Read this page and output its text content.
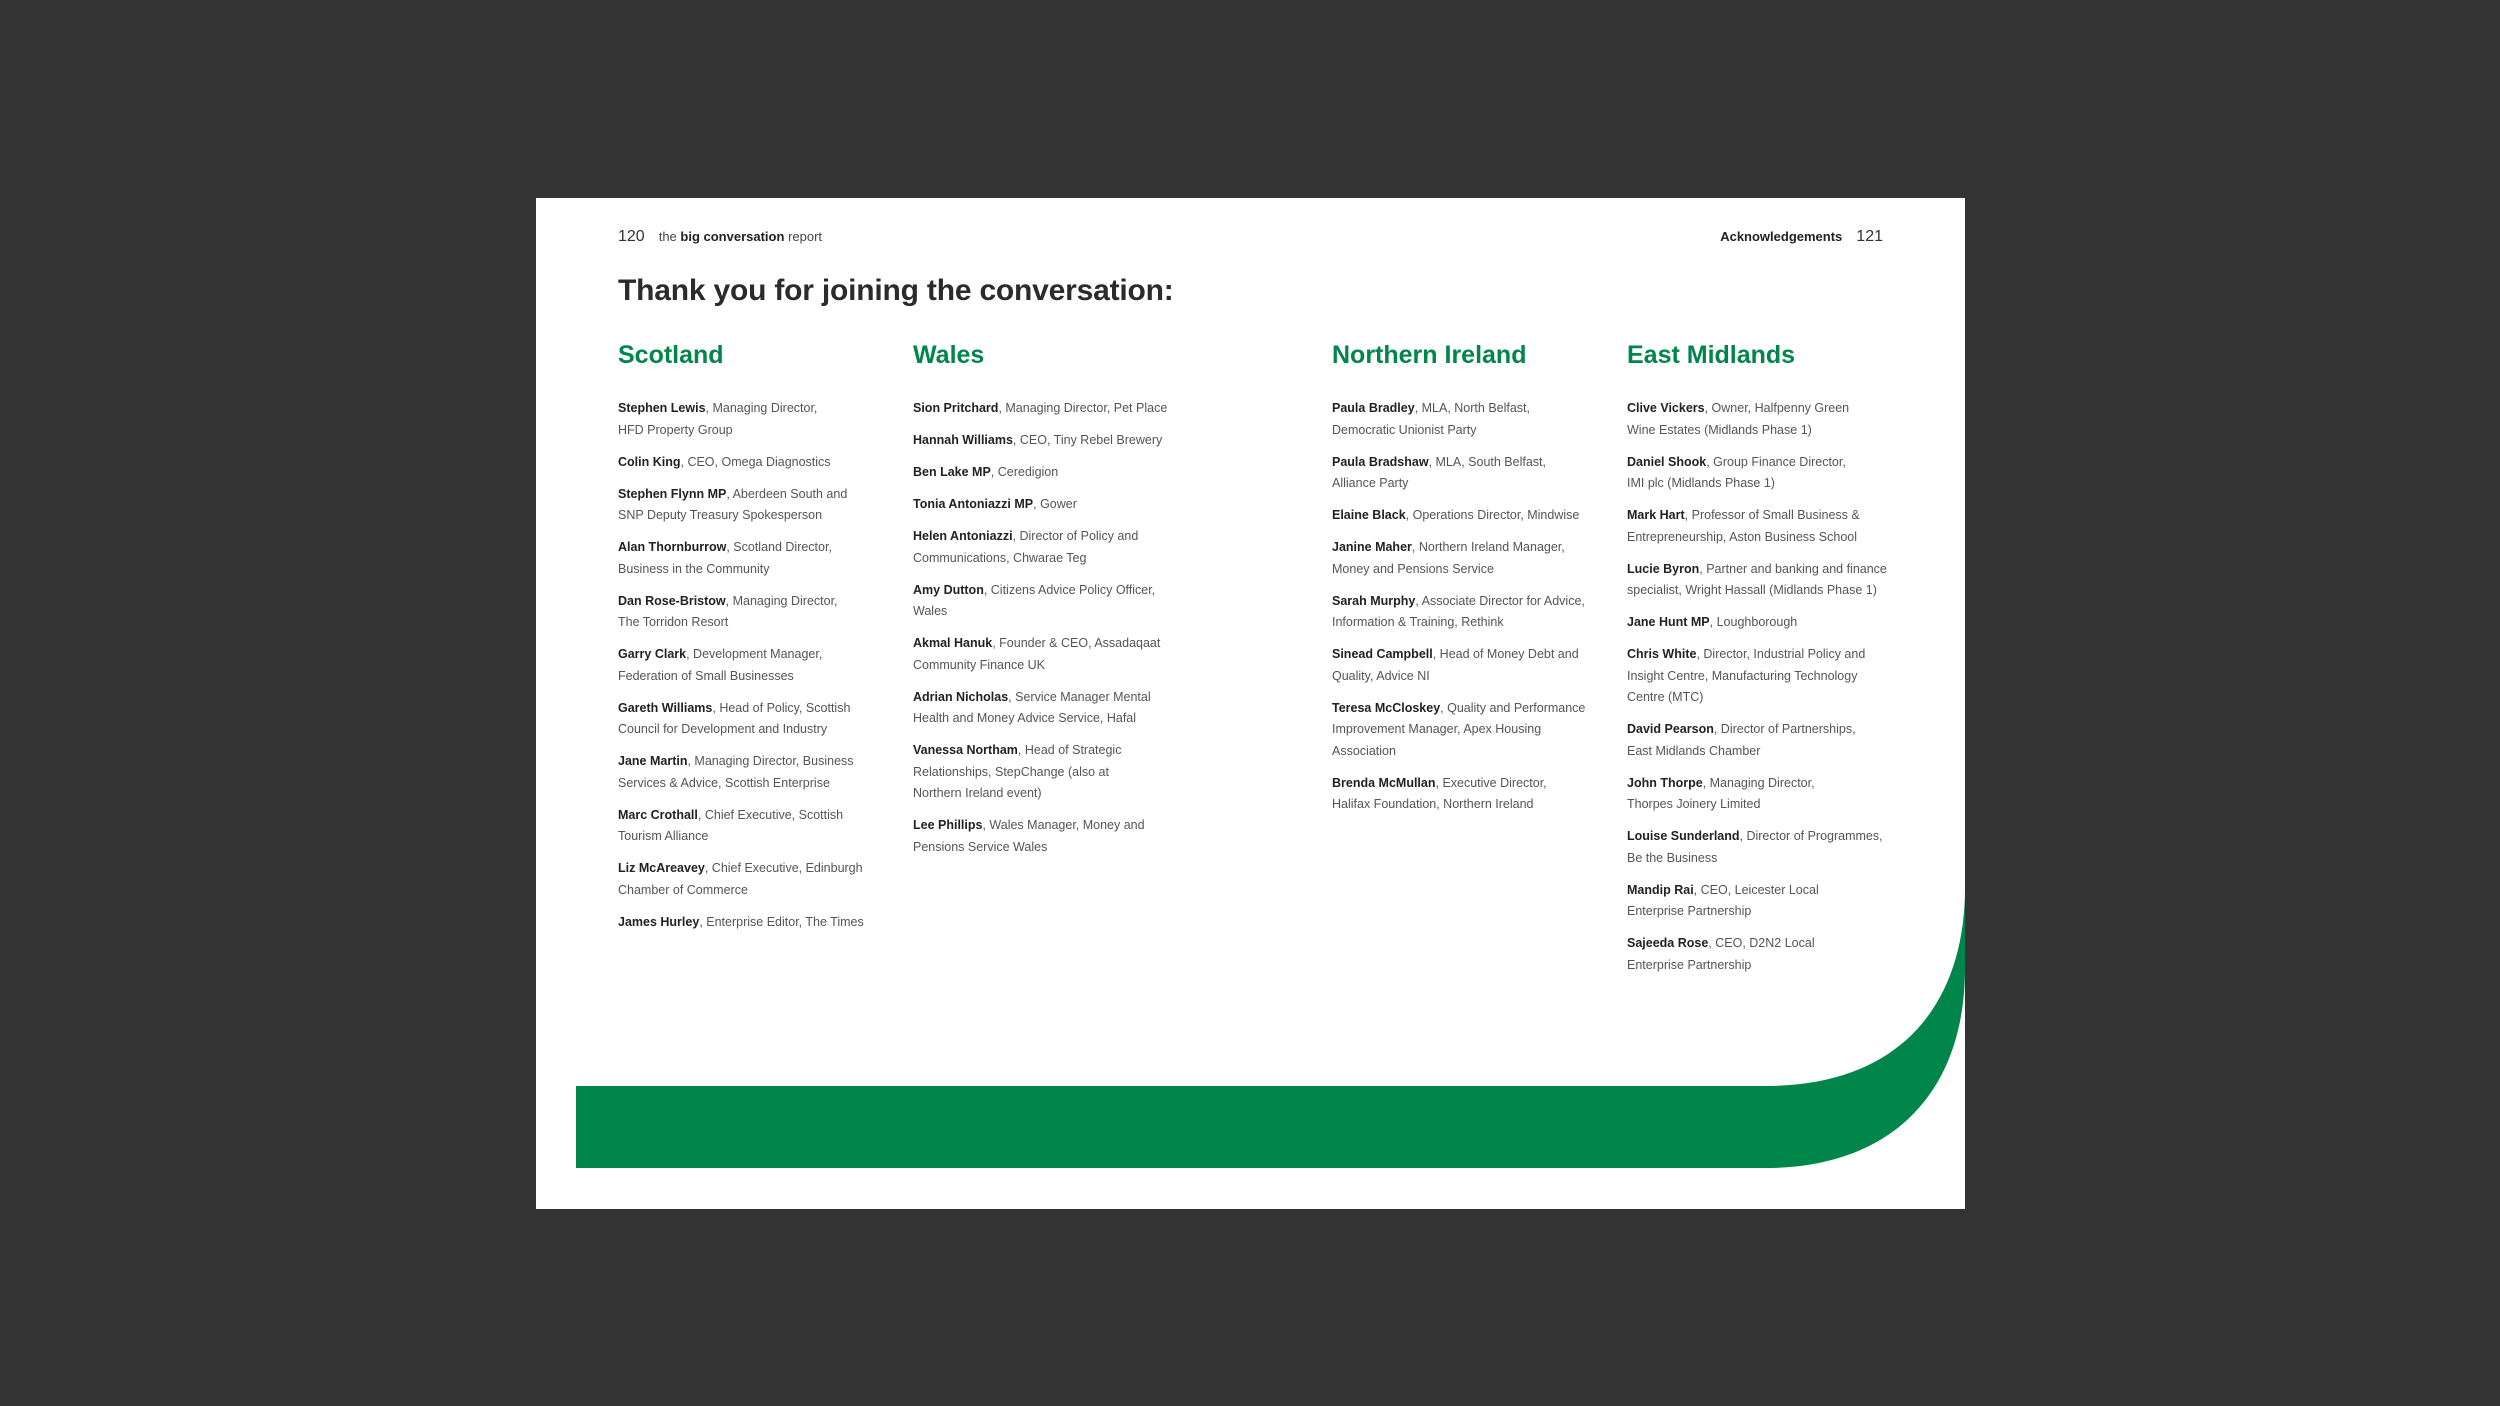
120 the big conversation report	Acknowledgements 121
Thank you for joining the conversation:
Scotland

Stephen Lewis, Managing Director,
HFD Property Group

Colin King, CEO, Omega Diagnostics

Stephen Flynn MP, Aberdeen South and
SNP Deputy Treasury Spokesperson

Alan Thornburrow, Scotland Director,
Business in the Community

Dan Rose-Bristow, Managing Director,
The Torridon Resort

Garry Clark, Development Manager,
Federation of Small Businesses

Gareth Williams, Head of Policy, Scottish
Council for Development and Industry

Jane Martin, Managing Director, Business
Services & Advice, Scottish Enterprise

Marc Crothall, Chief Executive, Scottish
Tourism Alliance

Liz McAreavey, Chief Executive, Edinburgh
Chamber of Commerce

James Hurley, Enterprise Editor, The Times

Wales

Sion Pritchard, Managing Director, Pet Place

Hannah Williams, CEO, Tiny Rebel Brewery

Ben Lake MP, Ceredigion

Tonia Antoniazzi MP, Gower

Helen Antoniazzi, Director of Policy and
Communications, Chwarae Teg

Amy Dutton, Citizens Advice Policy Officer,
Wales

Akmal Hanuk, Founder & CEO, Assadaqaat
Community Finance UK

Adrian Nicholas, Service Manager Mental
Health and Money Advice Service, Hafal

Vanessa Northam, Head of Strategic
Relationships, StepChange (also at
Northern Ireland event)

Lee Phillips, Wales Manager, Money and
Pensions Service Wales

Northern Ireland

Paula Bradley, MLA, North Belfast,
Democratic Unionist Party

Paula Bradshaw, MLA, South Belfast,
Alliance Party

Elaine Black, Operations Director, Mindwise

Janine Maher, Northern Ireland Manager,
Money and Pensions Service

Sarah Murphy, Associate Director for Advice,
Information & Training, Rethink

Sinead Campbell, Head of Money Debt and
Quality, Advice NI

Teresa McCloskey, Quality and Performance
Improvement Manager, Apex Housing
Association

Brenda McMullan, Executive Director,
Halifax Foundation, Northern Ireland

East Midlands

Clive Vickers, Owner, Halfpenny Green
Wine Estates (Midlands Phase 1)

Daniel Shook, Group Finance Director,
IMI plc (Midlands Phase 1)

Mark Hart, Professor of Small Business &
Entrepreneurship, Aston Business School

Lucie Byron, Partner and banking and finance
specialist, Wright Hassall (Midlands Phase 1)

Jane Hunt MP, Loughborough

Chris White, Director, Industrial Policy and
Insight Centre, Manufacturing Technology
Centre (MTC)

David Pearson, Director of Partnerships,
East Midlands Chamber

John Thorpe, Managing Director,
Thorpes Joinery Limited

Louise Sunderland, Director of Programmes,
Be the Business

Mandip Rai, CEO, Leicester Local
Enterprise Partnership

Sajeeda Rose, CEO, D2N2 Local
Enterprise Partnership
